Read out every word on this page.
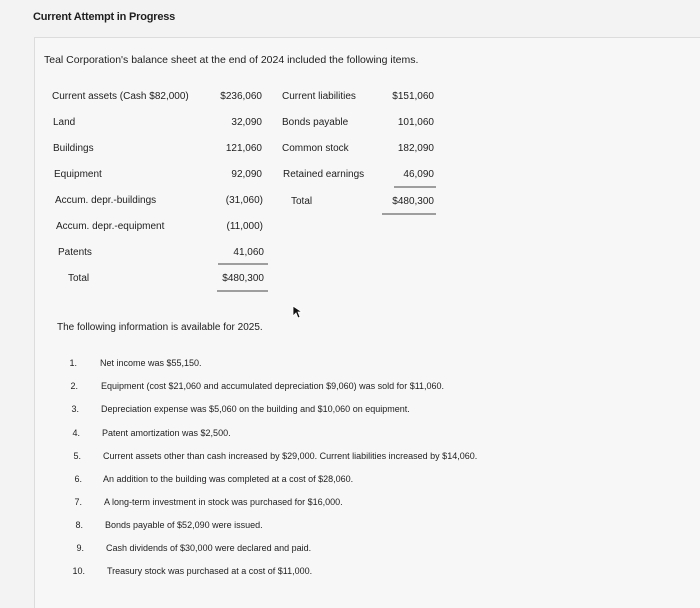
Current Attempt in Progress
Teal Corporation's balance sheet at the end of 2024 included the following items.
Current assets (Cash $82,000)	$236,060
Land	32,090
Buildings	121,060
Equipment	92,090
Accum. depr.-buildings	(31,060)
Accum. depr.-equipment	(11,000)
Patents	41,060
Total	$480,300
Current liabilities	$151,060
Bonds payable	101,060
Common stock	182,090
Retained earnings	46,090
Total	$480,300
The following information is available for 2025.
1.	Net income was $55,150.
2.	Equipment (cost $21,060 and accumulated depreciation $9,060) was sold for $11,060.
3. Depreciation expense was $5,060 on the building and $10,060 on equipment.
4. Patent amortization was $2,500.
5. Current assets other than cash increased by $29,000. Current liabilities increased by $14,060.
6. An addition to the building was completed at a cost of $28,060.
7. A long-term investment in stock was purchased for $16,000.
8. Bonds payable of $52,090 were issued.
9. Cash dividends of $30,000 were declared and paid.
10. Treasury stock was purchased at a cost of $11,000.
